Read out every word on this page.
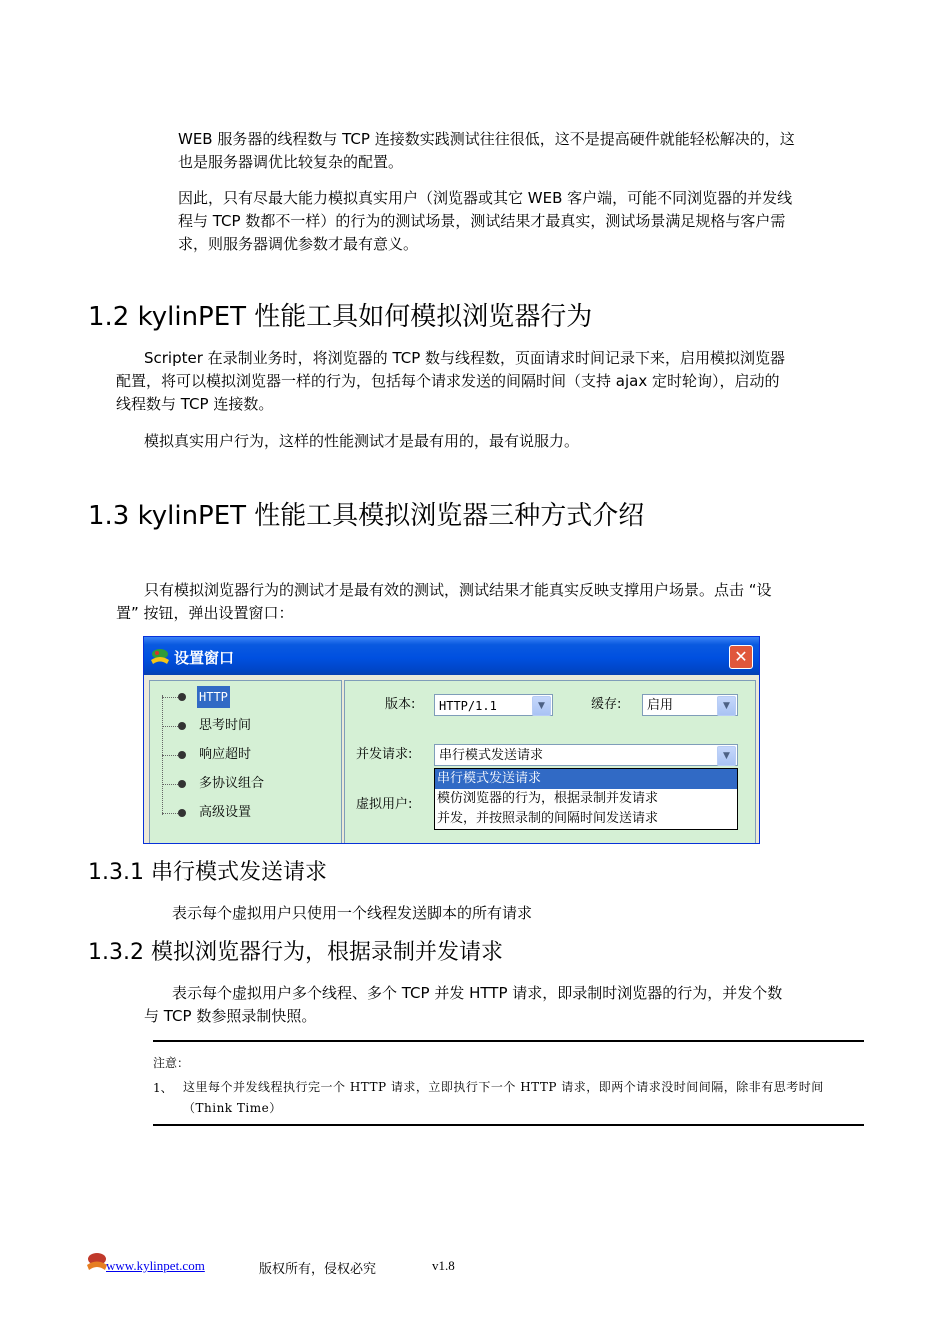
WEB 服务器的线程数与 TCP 连接数实践测试往往很低，这不是提高硬件就能轻松解决的，这
也是服务器调优比较复杂的配置。
因此，只有尽最大能力模拟真实用户（浏览器或其它 WEB 客户端，可能不同浏览器的并发线
程与 TCP 数都不一样）的行为的测试场景，测试结果才最真实，测试场景满足规格与客户需
求，则服务器调优参数才最有意义。
1.2 kylinPET 性能工具如何模拟浏览器行为
Scripter 在录制业务时，将浏览器的 TCP 数与线程数，页面请求时间记录下来，启用模拟浏览器
配置，将可以模拟浏览器一样的行为，包括每个请求发送的间隔时间（支持 ajax 定时轮询），启动的
线程数与 TCP 连接数。
模拟真实用户行为，这样的性能测试才是最有用的，最有说服力。
1.3 kylinPET 性能工具模拟浏览器三种方式介绍
只有模拟浏览器行为的测试才是最有效的测试，测试结果才能真实反映支撑用户场景。点击 “设
置” 按钮，弹出设置窗口：
设置窗口	✕
HTTP
思考时间
响应超时
多协议组合
高级设置
版本: HTTP/1.1	▼	缓存: 启用	▼
并发请求: 串行模式发送请求	▼
虚拟用户:
串行模式发送请求
模仿浏览器的行为，根据录制并发请求
并发，并按照录制的间隔时间发送请求
1.3.1 串行模式发送请求
表示每个虚拟用户只使用一个线程发送脚本的所有请求
1.3.2 模拟浏览器行为，根据录制并发请求
表示每个虚拟用户多个线程、多个 TCP 并发 HTTP 请求，即录制时浏览器的行为，并发个数
与 TCP 数参照录制快照。
注意：
1、 这里每个并发线程执行完一个 HTTP 请求，立即执行下一个 HTTP 请求，即两个请求没时间间隔，除非有思考时间（Think Time）
www.kylinpet.com	版权所有，侵权必究	v1.8
